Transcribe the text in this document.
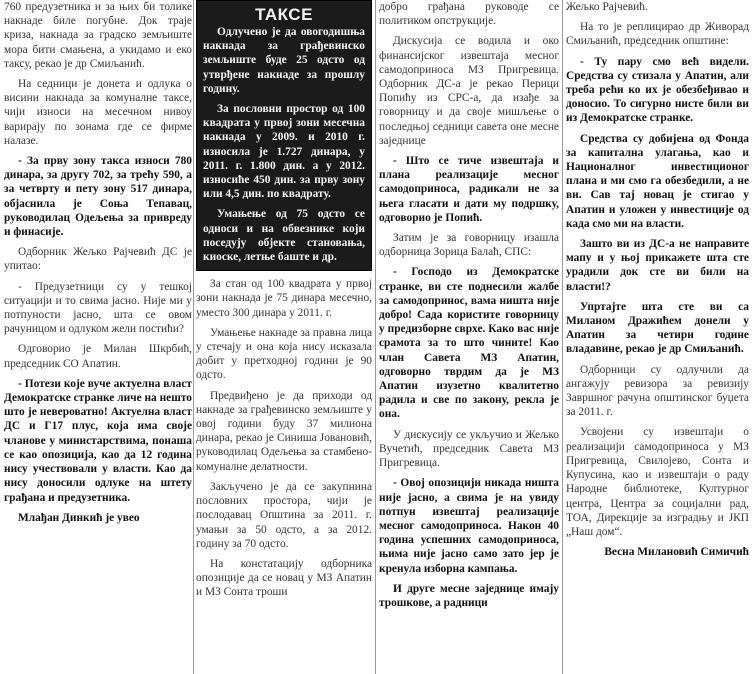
760 предузетника и за њих би толике накнаде биле погубне. Док траје криза, накнада за градско земљиште мора бити смањена, а укидамо и еко таксу, рекао је др Смиљанић.

На седници је донета и одлука о висини накнада за комуналне таксе, чији износи на месечном нивоу варирају по зонама где се фирме налазе.

- За прву зону такса износи 780 динара, за другу 702, за трећу 590, а за четврту и пету зону 517 динара, објаснила је Соња Тепавац, руководилац Одељења за привреду и финасије.

Одборник Жељко Рајчевић ДС је упитао:

- Предузетници су у тешкој ситуацији и то свима јасно. Није ми у потпуности јасно, шта се овом рачуницом и одлуком жели постићи?

Одговорио је Милан Шкрбић, председник СО Апатин.

- Потези које вуче актуелна власт Демократске странке личе на нешто што је невероватно! Актуелна власт ДС и Г17 плус, која има своје чланове у министарствима, понаша се као опозиција, као да 12 година нису учествовали у власти. Као да нису доносили одлуке на штету грађана и предузетника.

Млађан Динкић је увео

ТАКСЕ

Одлучено је да овогодишња накнада за грађевинско земљиште буде 25 одсто од утврђене накнаде за прошлу годину.

За пословни простор од 100 квадрата у првој зони месечна накнада у 2009. и 2010 г. износила је 1.727 динара, у 2011. г. 1.800 дин. а у 2012. износиће 450 дин. за прву зону или 4,5 дин. по квадрату.

Умањење од 75 одсто се односи и на обвезнике који поседују објекте становања, киоске, летње баште и др.

За стан од 100 квадрата у првој зони накнада је 75 динара месечно, уместо 300 динара у 2011. г.

Умањење накнаде за правна лица у стечају и она која нису исказала добит у претходној години је 90 одсто.

Предвиђено је да приходи од накнаде за грађевинско земљиште у овој години буду 37 милиона динара, рекао је Синиша Јовановић, руководилац Одељења за стамбено-комуналне делатности.

Закључено је да се закупнина пословних простора, чији је послодавац Општина за 2011. г. умањи за 50 одсто, а за 2012. годину за 70 одсто.

На констатацију одборника опозиције да се новац у МЗ Апатин и МЗ Сонта троши

добро грађана руководе се политиком опструкције.

Дискусија се водила и око финансијског извештаја месног самодоприноса МЗ Пригревица. Одборник ДС-а је рекао Перици Попићу из СРС-а, да изађе за говорницу и да своје мишљење о последњој седници савета оне месне заједнице

- Што се тиче извештаја и плана реализације месног самодоприноса, радикали не за њега гласати и дати му подршку, одговорио је Попић.

Затим је за говорницу изашла одборница Зорица Балаћ, СПС:

- Господо из Демократске странке, ви сте поднесили жалбе за самодопринос, вама ништа није добро! Сада користите говорницу у предизборне сврхе. Како вас није срамота за то што чините! Као члан Савета МЗ Апатин, одговорно тврдим да је МЗ Апатин изузетно квалитетно радила и све по закону, рекла је она.

У дискусију се укључио и Жељко Вучетић, председник Савета МЗ Пригревица.

- Овој опозицији никада ништа није јасно, а свима је на увиду потпун извештај реализације месног самодоприноса. Након 40 година успешних самодоприноса, њима није јасно само зато јер је кренула изборна кампања.

И друге месне заједнице имају трошкове, а радници

Жељко Рајчевић.

На то је реплицирао др Живорад Смиљанић, председник општине:

- Ту пару смо већ видели. Средства су стизала у Апатин, али треба рећи ко их је обезбеђивао и доносио. То сигурно нисте били ви из Демократске странке.

Средства су добијена од Фонда за капитална улагања, као и Националног инвестиционог плана и ми смо га обезбедили, а не ви. Сав тај новац је стигао у Апатин и уложен у инвестиције од када смо ми на власти.

Зашто ви из ДС-а не направите мапу и у њој прикажете шта сте урадили док сте ви били на власти!?

Упртајте шта сте ви са Миланом Дражићем донели у Апатин за четири године владавине, рекао је др Смиљанић.

Одборници су одлучили да ангажују ревизора за ревизију Завршног рачуна општинског буџета за 2011. г.

Усвојени су извештаји о реализацији самодоприноса у МЗ Пригревица, Свилојево, Сонта и Купусина, као и извештаји о раду Народне библиотеке, Културног центра, Центра за социјални рад, ТОА, Дирекције за изградњу и ЈКП „Наш дом“.

Весна Милановић Симичић
